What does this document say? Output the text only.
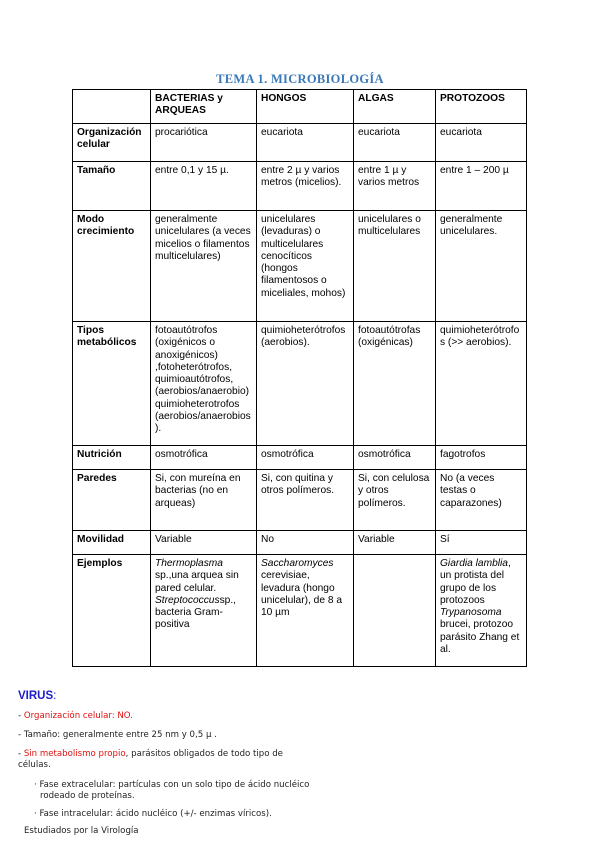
TEMA 1. MICROBIOLOGÍA
	BACTERIAS y ARQUEAS	HONGOS	ALGAS	PROTOZOOS
Organización celular	procariótica	eucariota	eucariota	eucariota
Tamaño	entre 0,1 y 15 µ.	entre 2 µ y varios metros (micelios).	entre 1 µ y varios metros	entre 1 – 200 µ
Modo crecimiento	generalmente unicelulares (a veces micelios o filamentos multicelulares)	unicelulares (levaduras) o multicelulares cenocíticos (hongos filamentosos o miceliales, mohos)	unicelulares o multicelulares	generalmente unicelulares.
Tipos metabólicos	fotoautótrofos (oxigénicos o anoxigénicos) ,fotoheterótrofos, quimioautótrofos,(aerobios/anaerobio) quimioheterotrofos (aerobios/anaerobios).	quimioheterótrofos (aerobios).	fotoautótrofas (oxigénicas)	quimioheterótrofos (>> aerobios).
Nutrición	osmotrófica	osmotrófica	osmotrófica	fagotrofos
Paredes	Si, con mureína en bacterias (no en arqueas)	Si, con quitina y otros polímeros.	Si, con celulosa y otros polímeros.	No (a veces testas o caparazones)
Movilidad	Variable	No	Variable	Sí
Ejemplos	Thermoplasma sp.,una arquea sin pared celular. Streptococcussp., bacteria Gram-positiva	Saccharomyces cerevisiae, levadura (hongo unicelular), de 8 a 10 µm		Giardia lamblia, un protista del grupo de los protozoos Trypanosoma brucei, protozoo parásito Zhang et al.
VIRUS:
- Organización celular: NO.
- Tamaño: generalmente entre 25 nm y 0,5 µ .
- Sin metabolismo propio, parásitos obligados de todo tipo de
células.
· Fase extracelular: partículas con un solo tipo de ácido nucléico
rodeado de proteínas.
· Fase intracelular: ácido nucléico (+/- enzimas víricos).
Estudiados por la Virología
